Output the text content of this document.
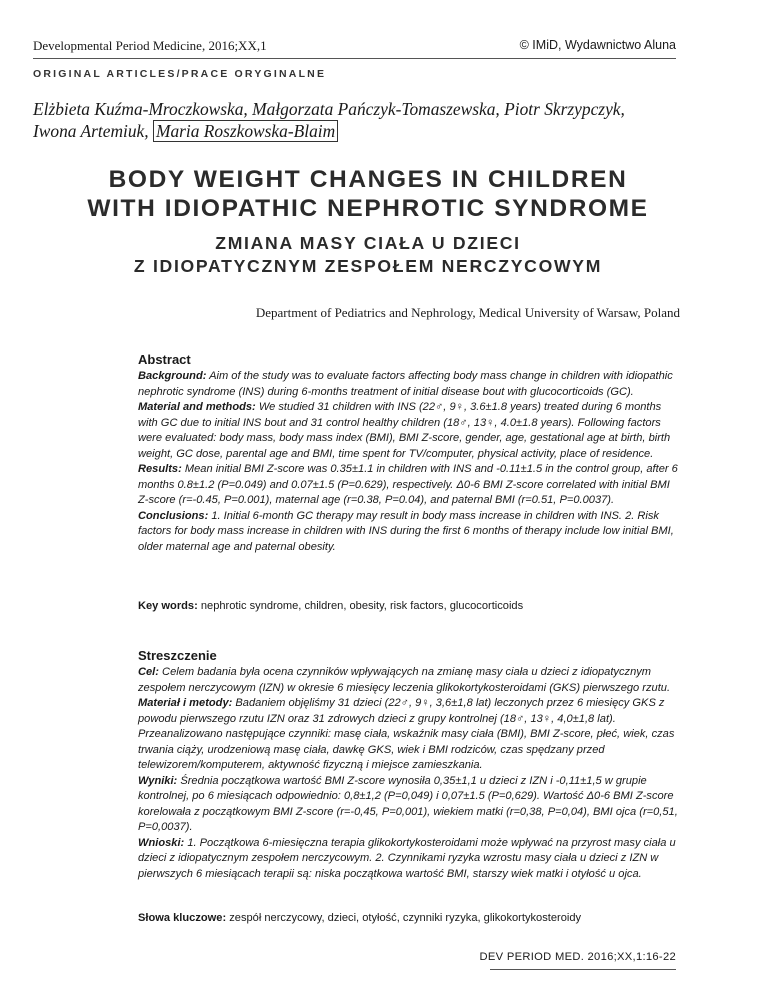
Developmental Period Medicine, 2016;XX,1	© IMiD, Wydawnictwo Aluna
ORIGINAL ARTICLES/PRACE ORYGINALNE
Elżbieta Kuźma-Mroczkowska, Małgorzata Pańczyk-Tomaszewska, Piotr Skrzypczyk,
Iwona Artemiuk, Maria Roszkowska-Blaim
BODY WEIGHT CHANGES IN CHILDREN
WITH IDIOPATHIC NEPHROTIC SYNDROME
ZMIANA MASY CIAŁA U DZIECI
Z IDIOPATYCZNYM ZESPOŁEM NERCZYCOWYM
Department of Pediatrics and Nephrology, Medical University of Warsaw, Poland
Abstract

Background: Aim of the study was to evaluate factors affecting body mass change in children with idiopathic nephrotic syndrome (INS) during 6-months treatment of initial disease bout with glucocorticoids (GC).

Material and methods: We studied 31 children with INS (22♂, 9♀, 3.6±1.8 years) treated during 6 months with GC due to initial INS bout and 31 control healthy children (18♂, 13♀, 4.0±1.8 years). Following factors were evaluated: body mass, body mass index (BMI), BMI Z-score, gender, age, gestational age at birth, birth weight, GC dose, parental age and BMI, time spent for TV/computer, physical activity, place of residence.

Results: Mean initial BMI Z-score was 0.35±1.1 in children with INS and -0.11±1.5 in the control group, after 6 months 0.8±1.2 (P=0.049) and 0.07±1.5 (P=0.629), respectively. Δ0-6 BMI Z-score correlated with initial BMI Z-score (r=-0.45, P=0.001), maternal age (r=0.38, P=0.04), and paternal BMI (r=0.51, P=0.0037).

Conclusions: 1. Initial 6-month GC therapy may result in body mass increase in children with INS. 2. Risk factors for body mass increase in children with INS during the first 6 months of therapy include low initial BMI, older maternal age and paternal obesity.

Key words: nephrotic syndrome, children, obesity, risk factors, glucocorticoids
Streszczenie

Cel: Celem badania była ocena czynników wpływających na zmianę masy ciała u dzieci z idiopatycznym zespołem nerczycowym (IZN) w okresie 6 miesięcy leczenia glikokortykosteroidami (GKS) pierwszego rzutu.

Materiał i metody: Badaniem objęliśmy 31 dzieci (22♂, 9♀, 3,6±1,8 lat) leczonych przez 6 miesięcy GKS z powodu pierwszego rzutu IZN oraz 31 zdrowych dzieci z grupy kontrolnej (18♂, 13♀, 4,0±1,8 lat). Przeanalizowano następujące czynniki: masę ciała, wskaźnik masy ciała (BMI), BMI Z-score, płeć, wiek, czas trwania ciąży, urodzeniową masę ciała, dawkę GKS, wiek i BMI rodziców, czas spędzany przed telewizorem/komputerem, aktywność fizyczną i miejsce zamieszkania.

Wyniki: Średnia początkowa wartość BMI Z-score wynosiła 0,35±1,1 u dzieci z IZN i -0,11±1,5 w grupie kontrolnej, po 6 miesiącach odpowiednio: 0,8±1,2 (P=0,049) i 0,07±1.5 (P=0,629). Wartość Δ0-6 BMI Z-score korelowała z początkowym BMI Z-score (r=-0,45, P=0,001), wiekiem matki (r=0,38, P=0,04), BMI ojca (r=0,51, P=0,0037).

Wnioski: 1. Początkowa 6-miesięczna terapia glikokortykosteroidami może wpływać na przyrost masy ciała u dzieci z idiopatycznym zespołem nerczycowym. 2. Czynnikami ryzyka wzrostu masy ciała u dzieci z IZN w pierwszych 6 miesiącach terapii są: niska początkowa wartość BMI, starszy wiek matki i otyłość u ojca.

Słowa kluczowe: zespół nerczycowy, dzieci, otyłość, czynniki ryzyka, glikokortykosteroidy
DEV PERIOD MED. 2016;XX,1:16-22
